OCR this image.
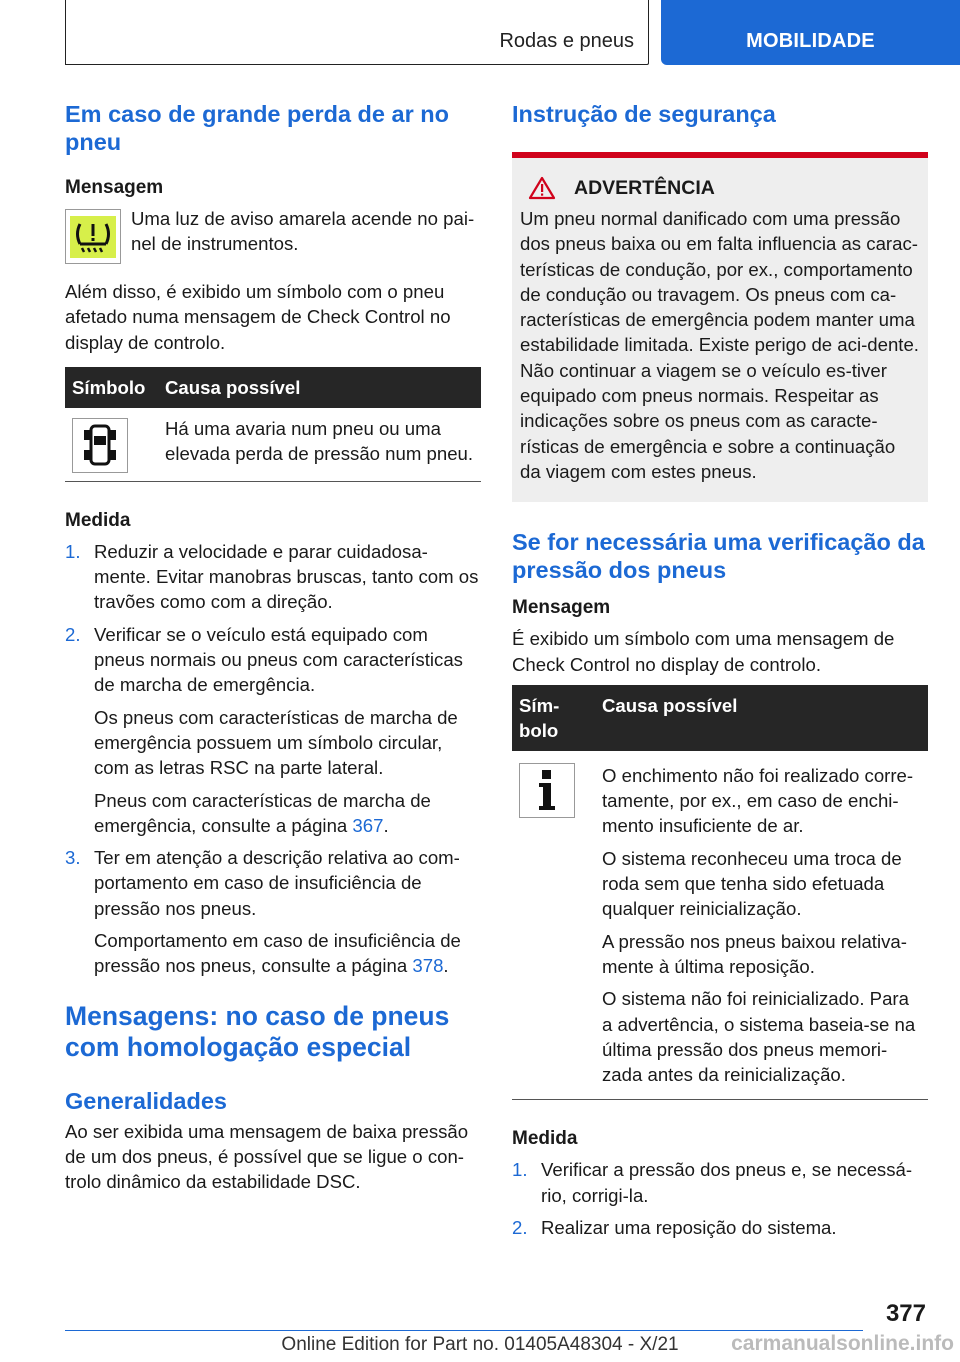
Rodas e pneus	MOBILIDADE
Em caso de grande perda de ar no pneu
Mensagem

Uma luz de aviso amarela acende no pai‐nel de instrumentos.

Além disso, é exibido um símbolo com o pneu afetado numa mensagem de Check Control no display de controlo.

Símbolo	Causa possível

	Há uma avaria num pneu ou uma elevada perda de pressão num pneu.
Medida
1. Reduzir a velocidade e parar cuidadosa‐mente. Evitar manobras bruscas, tanto com os travões como com a direção.

2. Verificar se o veículo está equipado com pneus normais ou pneus com características de marcha de emergência.

Os pneus com características de marcha de emergência possuem um símbolo circular, com as letras RSC na parte lateral.

Pneus com características de marcha de emergência, consulte a página 367.

3. Ter em atenção a descrição relativa ao com‐portamento em caso de insuficiência de pressão nos pneus.

Comportamento em caso de insuficiência de pressão nos pneus, consulte a página 378.

Mensagens: no caso de pneus com homologação especial
Generalidades

Ao ser exibida uma mensagem de baixa pressão de um dos pneus, é possível que se ligue o con‐trolo dinâmico da estabilidade DSC.

Instrução de segurança
ADVERTÊNCIA

Um pneu normal danificado com uma pressão dos pneus baixa ou em falta influencia as carac‐terísticas de condução, por ex., comportamento de condução ou travagem. Os pneus com ca‐racterísticas de emergência podem manter uma estabilidade limitada. Existe perigo de aci‐dente. Não continuar a viagem se o veículo es‐tiver equipado com pneus normais. Respeitar as indicações sobre os pneus com as caracte‐rísticas de emergência e sobre a continuação da viagem com estes pneus.

Se for necessária uma verificação da pressão dos pneus
Mensagem

É exibido um símbolo com uma mensagem de Check Control no display de controlo.

Sím‐bolo	Causa possível

O enchimento não foi realizado corre‐tamente, por ex., em caso de enchi‐mento insuficiente de ar.

O sistema reconheceu uma troca de roda sem que tenha sido efetuada qualquer reinicialização.

A pressão nos pneus baixou relativa‐mente à última reposição.

O sistema não foi reinicializado. Para a advertência, o sistema baseia-se na última pressão dos pneus memori‐zada antes da reinicialização.

Medida
1. Verificar a pressão dos pneus e, se necessá‐rio, corrigi-la.

2. Realizar uma reposição do sistema.

377
Online Edition for Part no. 01405A48304 - X/21	carmanualsonline.info
